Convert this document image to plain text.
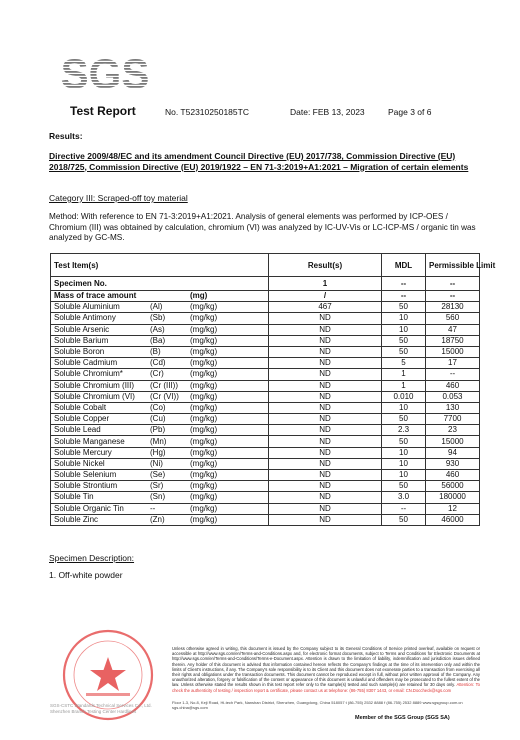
SGS
Test Report	No. T52310250185TC	Date: FEB 13, 2023	Page 3 of 6
Results:
Directive 2009/48/EC and its amendment Council Directive (EU) 2017/738, Commission Directive (EU) 2018/725, Commission Directive (EU) 2019/1922 – EN 71-3:2019+A1:2021 – Migration of certain elements
Category III: Scraped-off toy material
Method: With reference to EN 71-3:2019+A1:2021. Analysis of general elements was performed by ICP-OES / Chromium (III) was obtained by calculation, chromium (VI) was analyzed by IC-UV-Vis or LC-ICP-MS / organic tin was analyzed by GC-MS.
Test Item(s)	Result(s)	MDL	Permissible Limit
Specimen No.	1	--	--
Mass of trace amount (mg)	/	--	--
Soluble Aluminium (Al) (mg/kg)	467	50	28130
Soluble Antimony (Sb) (mg/kg)	ND	10	560
Soluble Arsenic (As) (mg/kg)	ND	10	47
Soluble Barium (Ba) (mg/kg)	ND	50	18750
Soluble Boron (B) (mg/kg)	ND	50	15000
Soluble Cadmium (Cd) (mg/kg)	ND	5	17
Soluble Chromium* (Cr) (mg/kg)	ND	1	--
Soluble Chromium (III) (Cr (III)) (mg/kg)	ND	1	460
Soluble Chromium (VI) (Cr (VI)) (mg/kg)	ND	0.010	0.053
Soluble Cobalt (Co) (mg/kg)	ND	10	130
Soluble Copper (Cu) (mg/kg)	ND	50	7700
Soluble Lead (Pb) (mg/kg)	ND	2.3	23
Soluble Manganese (Mn) (mg/kg)	ND	50	15000
Soluble Mercury (Hg) (mg/kg)	ND	10	94
Soluble Nickel (Ni) (mg/kg)	ND	10	930
Soluble Selenium (Se) (mg/kg)	ND	10	460
Soluble Strontium (Sr) (mg/kg)	ND	50	56000
Soluble Tin (Sn) (mg/kg)	ND	3.0	180000
Soluble Organic Tin -- (mg/kg)	ND	--	12
Soluble Zinc (Zn) (mg/kg)	ND	50	46000
Specimen Description:
1. Off-white powder
SGS-CSTC Standards Technical Services Co., Ltd. Shenzhen Branch Testing Center Hardlines
Unless otherwise agreed in writing, this document is issued by the Company subject to its General Conditions of Service printed overleaf, available on request or accessible at http://www.sgs.com/en/Terms-and-Conditions.aspx and, for electronic format documents, subject to Terms and Conditions for Electronic Documents at http://www.sgs.com/en/Terms-and-Conditions/Terms-e-Document.aspx. Attention is drawn to the limitation of liability, indemnification and jurisdiction issues defined therein. Any holder of this document is advised that information contained hereon reflects the Company's findings at the time of its intervention only and within the limits of Client's instructions, if any. The Company's sole responsibility is to its Client and this document does not exonerate parties to a transaction from exercising all their rights and obligations under the transaction documents. This document cannot be reproduced except in full, without prior written approval of the Company. Any unauthorized alteration, forgery or falsification of the content or appearance of this document is unlawful and offenders may be prosecuted to the fullest extent of the law. Unless otherwise stated the results shown in this test report refer only to the sample(s) tested and such sample(s) are retained for 30 days only. Attention: To check the authenticity of testing / inspection report & certificate, please contact us at telephone: (86-755) 8307 1443, or email: CN.Doccheck@sgs.com
Floor 1-3, No.8, Keji Road, Hi-tech Park, Nanshan District, Shenzhen, Guangdong, China 518057 t (86-755) 2532 8888 f (86-755) 2532 8889 www.sgsgroup.com.cn sgs.china@sgs.com
Member of the SGS Group (SGS SA)
